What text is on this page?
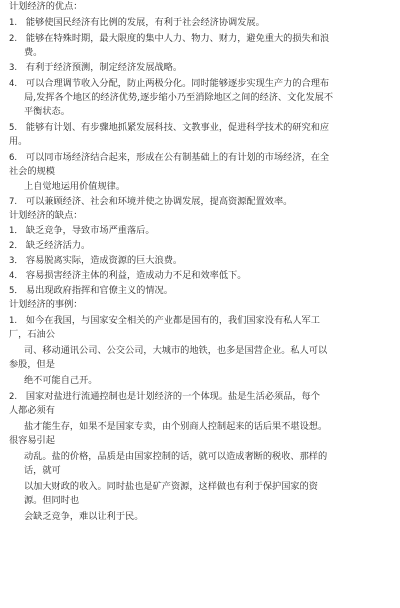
计划经济的优点：
1. 能够使国民经济有比例的发展，有利于社会经济协调发展。
2. 能够在特殊时期，最大限度的集中人力、物力、财力，避免重大的损失和浪
费。
3. 有利于经济预测，制定经济发展战略。
4. 可以合理调节收入分配，防止两极分化。同时能够逐步实现生产力的合理布
局,发挥各个地区的经济优势,逐步缩小乃至消除地区之间的经济、文化发展不
平衡状态。
5. 能够有计划、有步骤地抓紧发展科技、文教事业，促进科学技术的研究和应
用。
6. 可以同市场经济结合起来，形成在公有制基础上的有计划的市场经济，在全
社会的规模
上自觉地运用价值规律。
7. 可以兼顾经济、社会和环境并使之协调发展，提高资源配置效率。
计划经济的缺点：
1． 缺乏竞争，导致市场严重落后。
2． 缺乏经济活力。
3． 容易脱离实际，造成资源的巨大浪费。
4． 容易损害经济主体的利益，造成动力不足和效率低下。
5． 易出现政府指挥和官僚主义的情况。
计划经济的事例：
1. 如今在我国，与国家安全相关的产业都是国有的，我们国家没有私人军工
厂，石油公
司、移动通讯公司、公交公司，大城市的地铁，也多是国营企业。私人可以
参股，但是
绝不可能自己开。
2. 国家对盐进行流通控制也是计划经济的一个体现。盐是生活必须品，每个
人都必须有
盐才能生存，如果不是国家专卖，由个别商人控制起来的话后果不堪设想。
很容易引起
动乱。盐的价格，品质是由国家控制的话，就可以造成奢断的税收、那样的
话，就可
以加大财政的收入。同时盐也是矿产资源，这样做也有利于保护国家的资
源。但同时也
会缺乏竞争，难以让利于民。
